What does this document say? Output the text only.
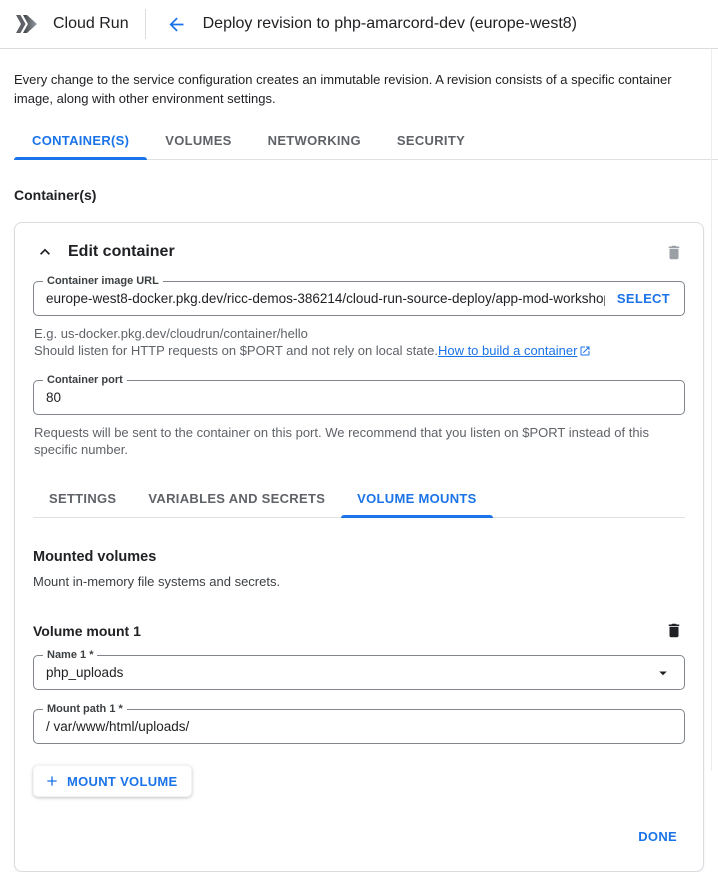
Cloud Run	Deploy revision to php-amarcord-dev (europe-west8)

Every change to the service configuration creates an immutable revision. A revision consists of a specific container image, along with other environment settings.

CONTAINER(S)	VOLUMES	NETWORKING	SECURITY
Container(s)
Edit container
Container image URL
europe-west8-docker.pkg.dev/ricc-demos-386214/cloud-run-source-deploy/app-mod-workshop/php-amarcord:0
SELECT
E.g. us-docker.pkg.dev/cloudrun/container/hello
Should listen for HTTP requests on $PORT and not rely on local state.How to build a container
Container port
80
Requests will be sent to the container on this port. We recommend that you listen on $PORT instead of this specific number.
SETTINGS	VARIABLES AND SECRETS	VOLUME MOUNTS
Mounted volumes
Mount in-memory file systems and secrets.
Volume mount 1
Name 1 *
php_uploads
Mount path 1 *
/ var/www/html/uploads/
MOUNT VOLUME
DONE
